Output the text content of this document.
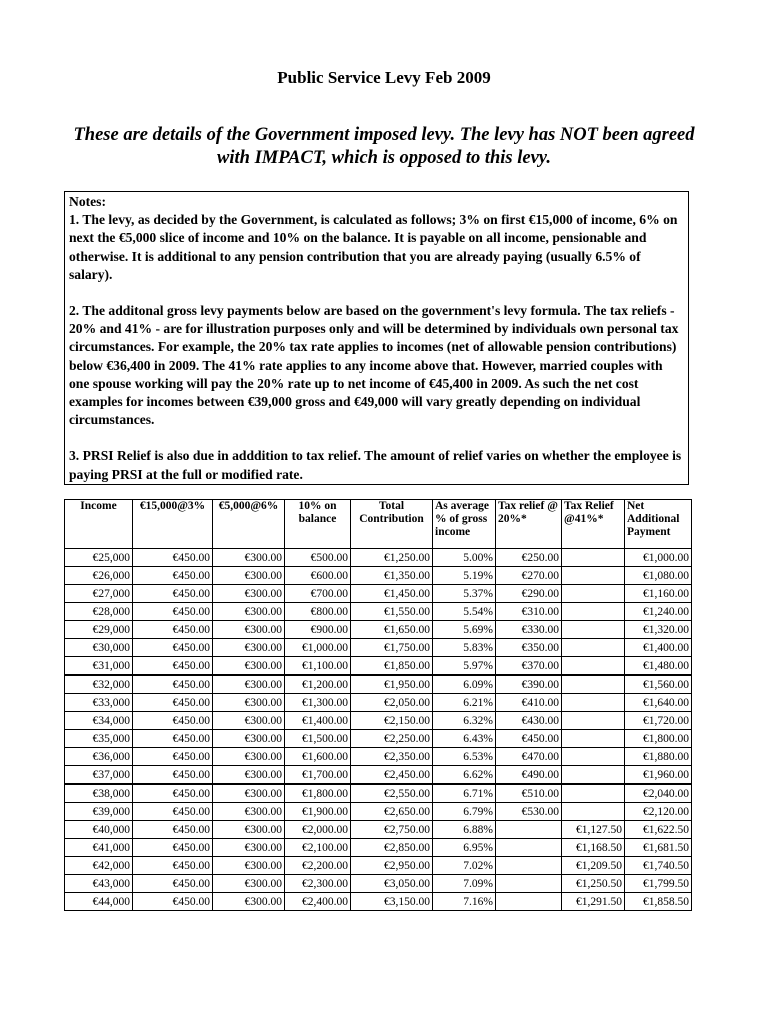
Public Service Levy Feb 2009
These are details of the Government imposed levy. The levy has NOT been agreed with IMPACT, which is opposed to this levy.

Notes:

1. The levy, as decided by the Government, is calculated as follows; 3% on first €15,000 of income, 6% on next the €5,000 slice of income and 10% on the balance. It is payable on all income, pensionable and otherwise. It is additional to any pension contribution that you are already paying (usually 6.5% of salary).

2. The additonal gross levy payments below are based on the government's levy formula. The tax reliefs - 20% and 41% - are for illustration purposes only and will be determined by individuals own personal tax circumstances. For example, the 20% tax rate applies to incomes (net of allowable pension contributions) below €36,400 in 2009. The 41% rate applies to any income above that. However, married couples with one spouse working will pay the 20% rate up to net income of €45,400 in 2009. As such the net cost examples for incomes between €39,000 gross and €49,000 will vary greatly depending on individual circumstances.

3. PRSI Relief is also due in adddition to tax relief. The amount of relief varies on whether the employee is paying PRSI at the full or modified rate.

Income	€15,000@3%	€5,000@6%	10% on balance	Total Contribution	As average % of gross income	Tax relief @ 20%*	Tax Relief @41%*	Net Additional Payment
€25,000	€450.00	€300.00	€500.00	€1,250.00	5.00%	€250.00		€1,000.00
€26,000	€450.00	€300.00	€600.00	€1,350.00	5.19%	€270.00		€1,080.00
€27,000	€450.00	€300.00	€700.00	€1,450.00	5.37%	€290.00		€1,160.00
€28,000	€450.00	€300.00	€800.00	€1,550.00	5.54%	€310.00		€1,240.00
€29,000	€450.00	€300.00	€900.00	€1,650.00	5.69%	€330.00		€1,320.00
€30,000	€450.00	€300.00	€1,000.00	€1,750.00	5.83%	€350.00		€1,400.00
€31,000	€450.00	€300.00	€1,100.00	€1,850.00	5.97%	€370.00		€1,480.00
€32,000	€450.00	€300.00	€1,200.00	€1,950.00	6.09%	€390.00		€1,560.00
€33,000	€450.00	€300.00	€1,300.00	€2,050.00	6.21%	€410.00		€1,640.00
€34,000	€450.00	€300.00	€1,400.00	€2,150.00	6.32%	€430.00		€1,720.00
€35,000	€450.00	€300.00	€1,500.00	€2,250.00	6.43%	€450.00		€1,800.00
€36,000	€450.00	€300.00	€1,600.00	€2,350.00	6.53%	€470.00		€1,880.00
€37,000	€450.00	€300.00	€1,700.00	€2,450.00	6.62%	€490.00		€1,960.00
€38,000	€450.00	€300.00	€1,800.00	€2,550.00	6.71%	€510.00		€2,040.00
€39,000	€450.00	€300.00	€1,900.00	€2,650.00	6.79%	€530.00		€2,120.00
€40,000	€450.00	€300.00	€2,000.00	€2,750.00	6.88%		€1,127.50	€1,622.50
€41,000	€450.00	€300.00	€2,100.00	€2,850.00	6.95%		€1,168.50	€1,681.50
€42,000	€450.00	€300.00	€2,200.00	€2,950.00	7.02%		€1,209.50	€1,740.50
€43,000	€450.00	€300.00	€2,300.00	€3,050.00	7.09%		€1,250.50	€1,799.50
€44,000	€450.00	€300.00	€2,400.00	€3,150.00	7.16%		€1,291.50	€1,858.50
